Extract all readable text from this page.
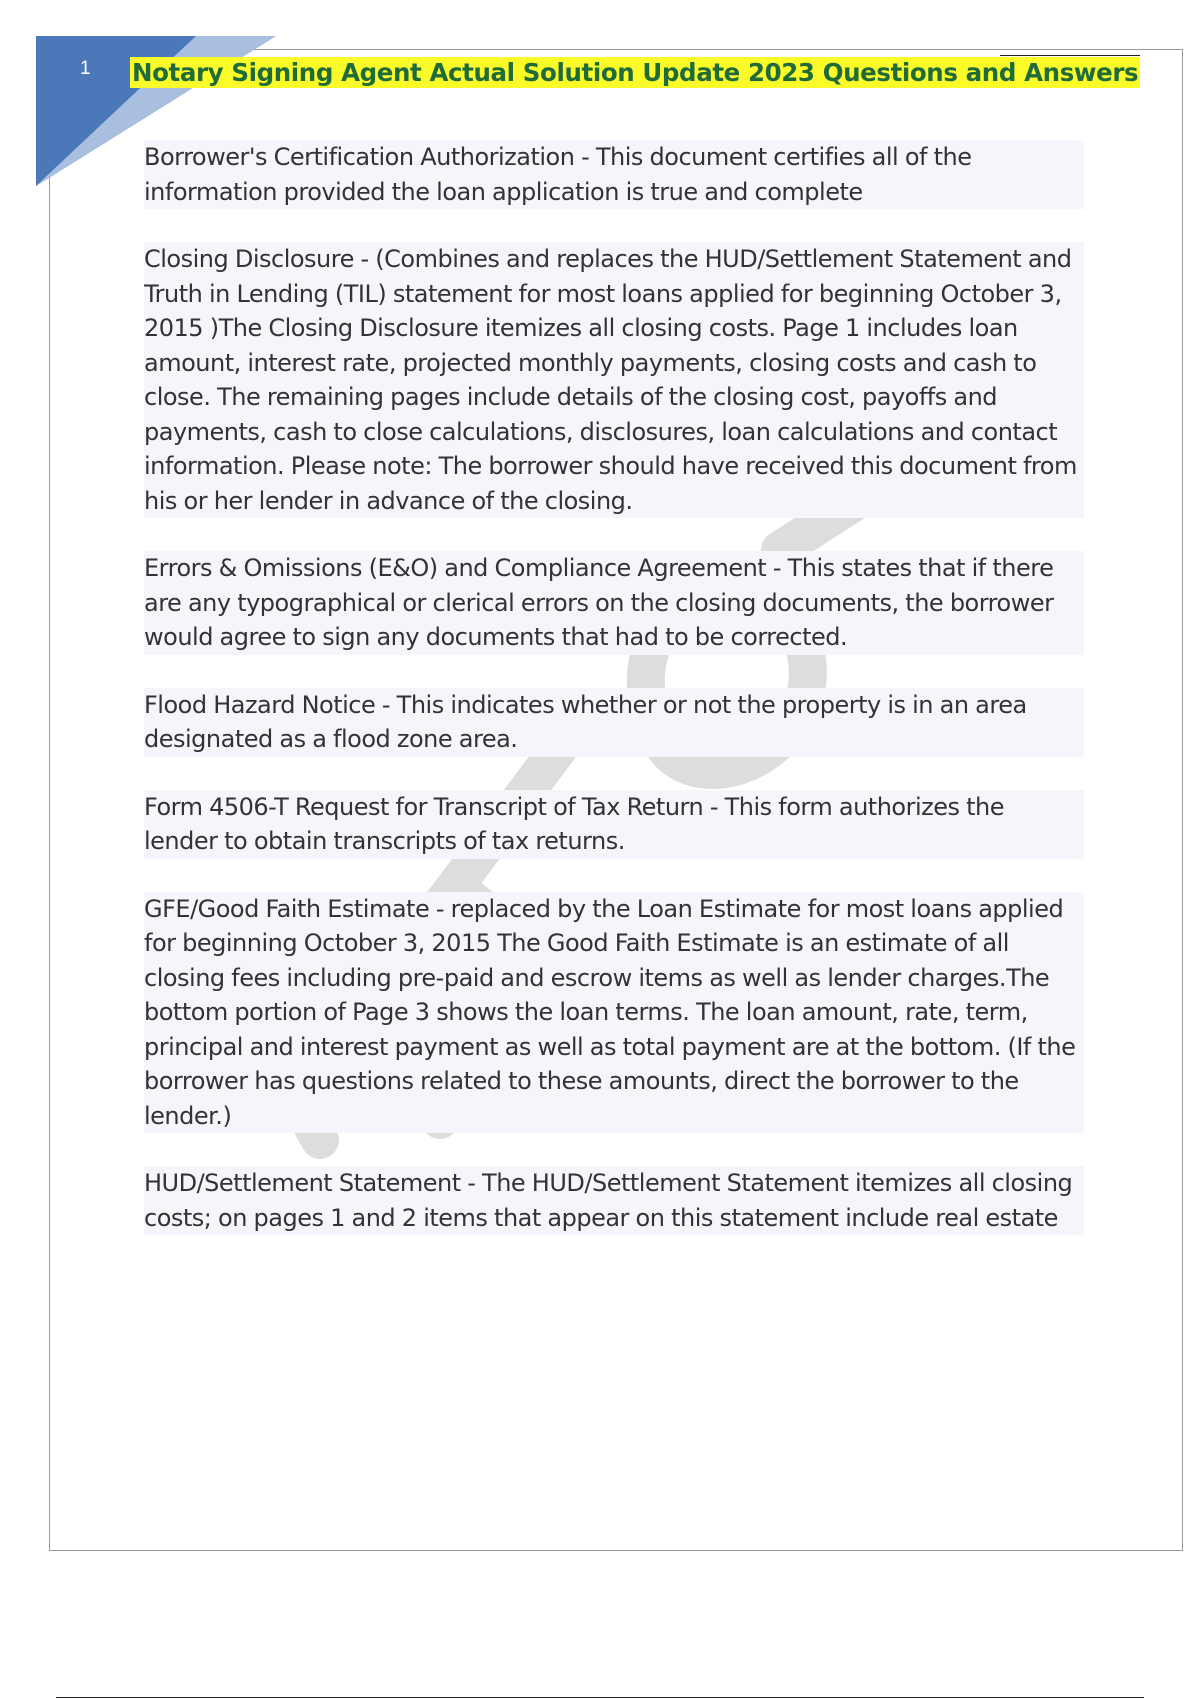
1 Notary Signing Agent Actual Solution Update 2023 Questions and Answers

Borrower's Certification Authorization - This document certifies all of the information provided the loan application is true and complete

Closing Disclosure - (Combines and replaces the HUD/Settlement Statement and Truth in Lending (TIL) statement for most loans applied for beginning October 3, 2015 )The Closing Disclosure itemizes all closing costs. Page 1 includes loan amount, interest rate, projected monthly payments, closing costs and cash to close. The remaining pages include details of the closing cost, payoffs and payments, cash to close calculations, disclosures, loan calculations and contact information. Please note: The borrower should have received this document from his or her lender in advance of the closing.

Errors & Omissions (E&O) and Compliance Agreement - This states that if there are any typographical or clerical errors on the closing documents, the borrower would agree to sign any documents that had to be corrected.

Flood Hazard Notice - This indicates whether or not the property is in an area designated as a flood zone area.

Form 4506-T Request for Transcript of Tax Return - This form authorizes the lender to obtain transcripts of tax returns.

GFE/Good Faith Estimate - replaced by the Loan Estimate for most loans applied for beginning October 3, 2015 The Good Faith Estimate is an estimate of all closing fees including pre-paid and escrow items as well as lender charges.The bottom portion of Page 3 shows the loan terms. The loan amount, rate, term, principal and interest payment as well as total payment are at the bottom. (If the borrower has questions related to these amounts, direct the borrower to the lender.)

HUD/Settlement Statement - The HUD/Settlement Statement itemizes all closing costs; on pages 1 and 2 items that appear on this statement include real estate
